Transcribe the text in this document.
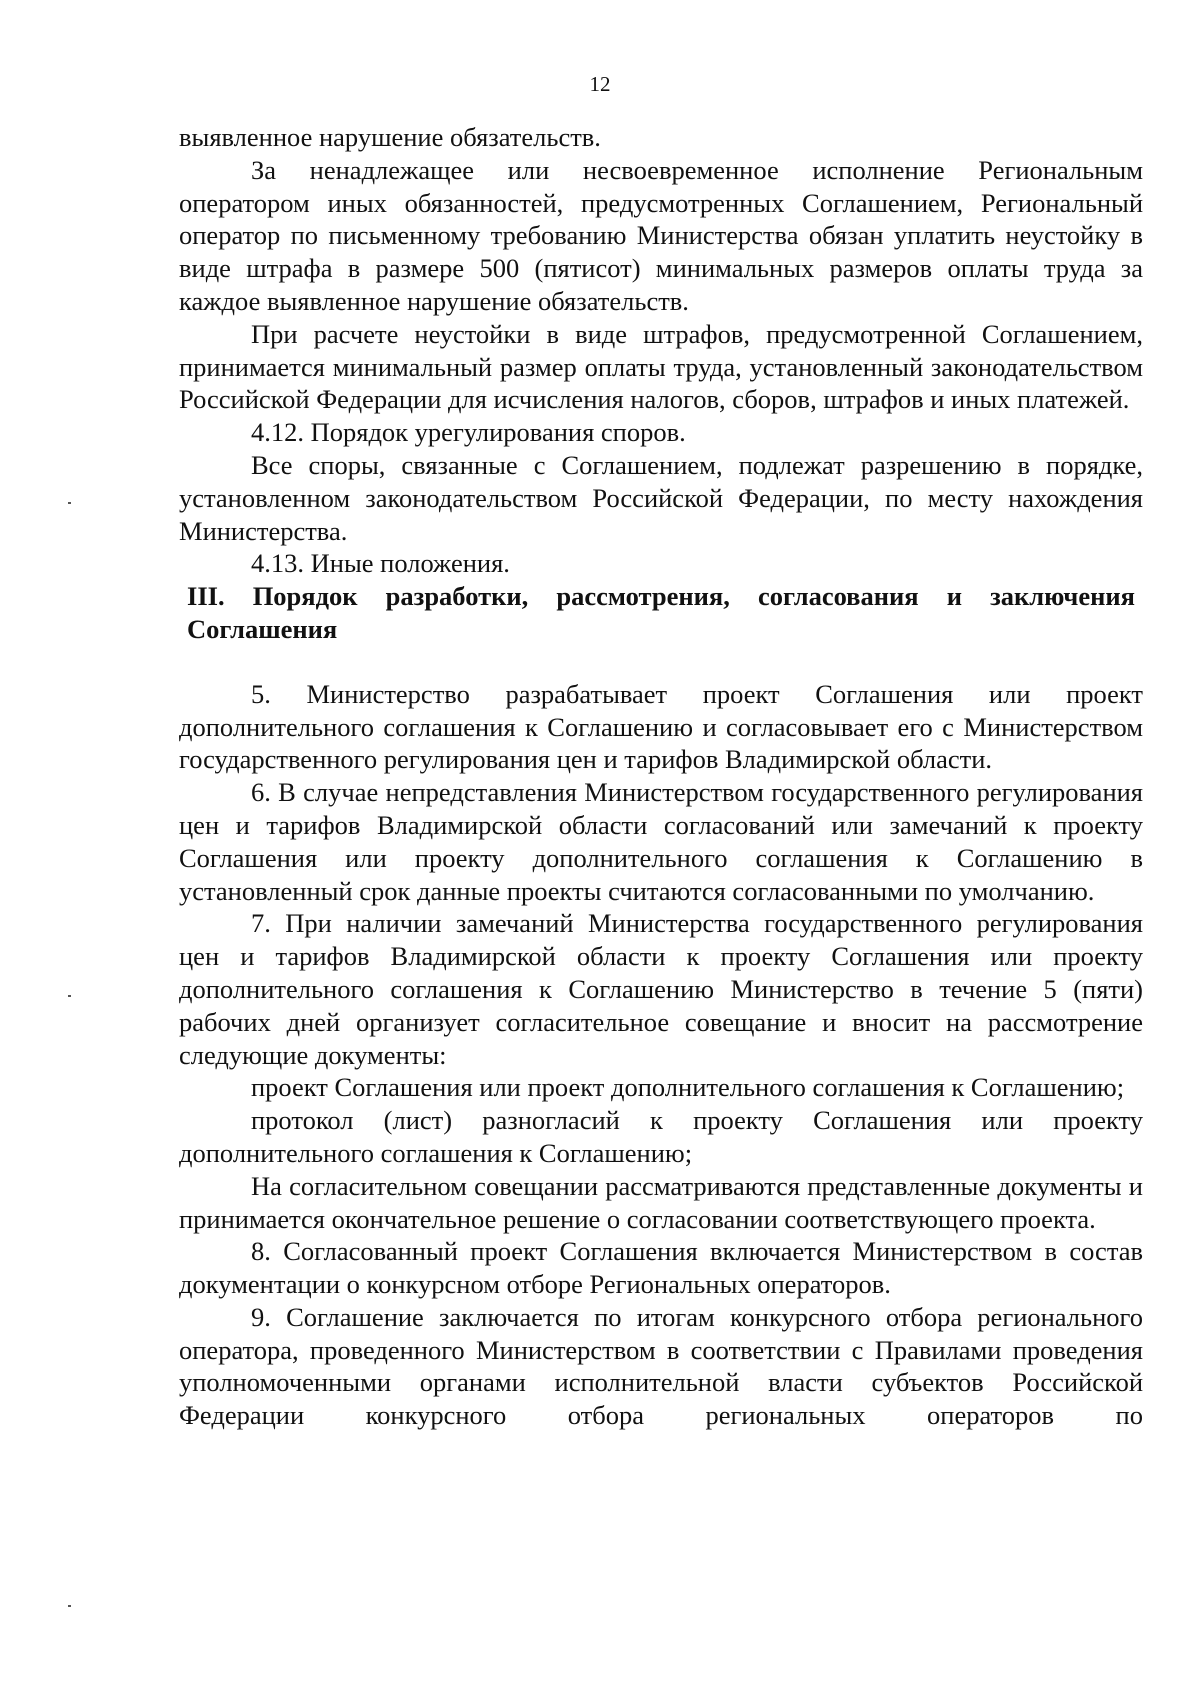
12

выявленное нарушение обязательств.

За ненадлежащее или несвоевременное исполнение Региональным оператором иных обязанностей, предусмотренных Соглашением, Региональный оператор по письменному требованию Министерства обязан уплатить неустойку в виде штрафа в размере 500 (пятисот) минимальных размеров оплаты труда за каждое выявленное нарушение обязательств.

При расчете неустойки в виде штрафов, предусмотренной Соглашением, принимается минимальный размер оплаты труда, установленный законодательством Российской Федерации для исчисления налогов, сборов, штрафов и иных платежей.

4.12. Порядок урегулирования споров.

Все споры, связанные с Соглашением, подлежат разрешению в порядке, установленном законодательством Российской Федерации, по месту нахождения Министерства.

4.13. Иные положения.

III. Порядок разработки, рассмотрения, согласования и заключения Соглашения

5. Министерство разрабатывает проект Соглашения или проект дополнительного соглашения к Соглашению и согласовывает его с Министерством государственного регулирования цен и тарифов Владимирской области.

6. В случае непредставления Министерством государственного регулирования цен и тарифов Владимирской области согласований или замечаний к проекту Соглашения или проекту дополнительного соглашения к Соглашению в установленный срок данные проекты считаются согласованными по умолчанию.

7. При наличии замечаний Министерства государственного регулирования цен и тарифов Владимирской области к проекту Соглашения или проекту дополнительного соглашения к Соглашению Министерство в течение 5 (пяти) рабочих дней организует согласительное совещание и вносит на рассмотрение следующие документы:

проект Соглашения или проект дополнительного соглашения к Соглашению;

протокол (лист) разногласий к проекту Соглашения или проекту дополнительного соглашения к Соглашению;

На согласительном совещании рассматриваются представленные документы и принимается окончательное решение о согласовании соответствующего проекта.

8. Согласованный проект Соглашения включается Министерством в состав документации о конкурсном отборе Региональных операторов.

9. Соглашение заключается по итогам конкурсного отбора регионального оператора, проведенного Министерством в соответствии с Правилами проведения уполномоченными органами исполнительной власти субъектов Российской Федерации конкурсного отбора региональных операторов по
